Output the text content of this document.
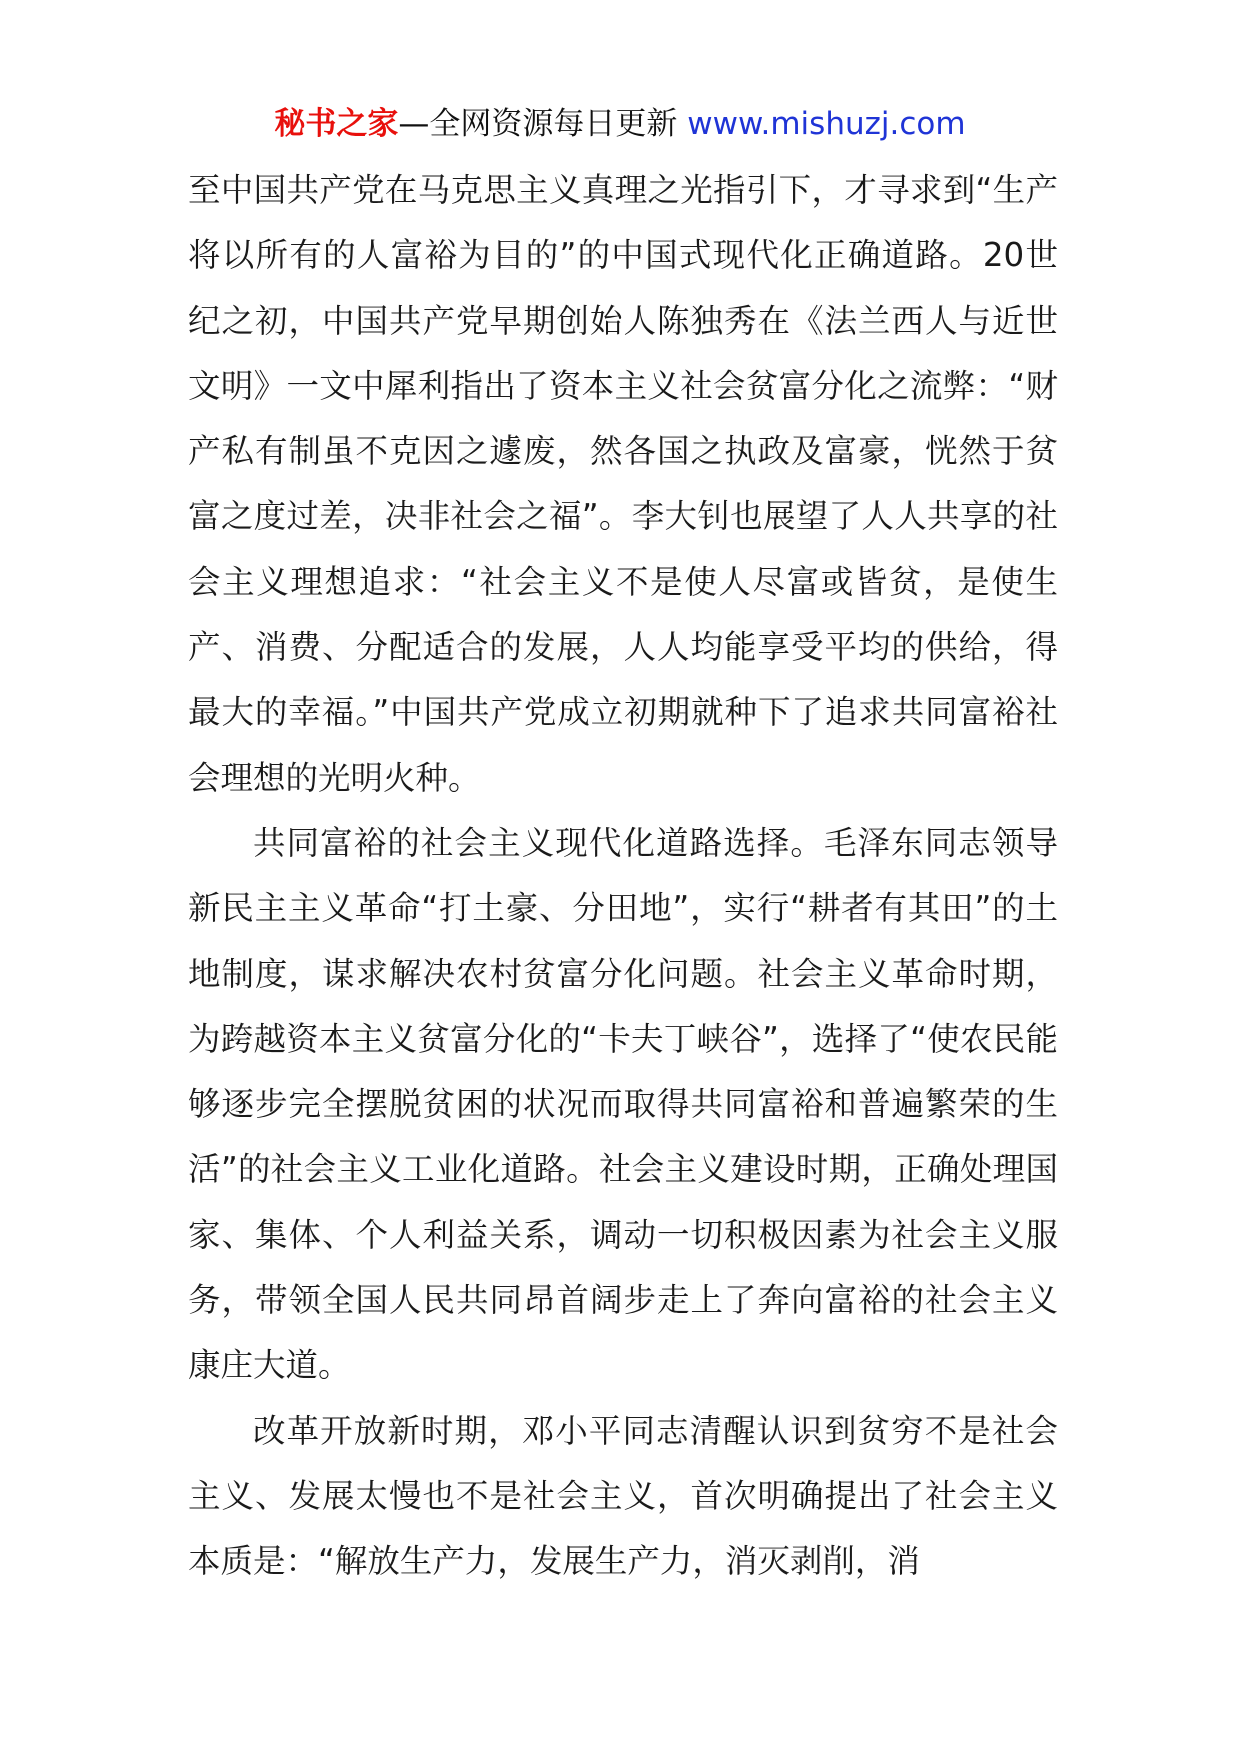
秘书之家—全网资源每日更新 www.mishuzj.com

至中国共产党在马克思主义真理之光指引下，才寻求到“生产将以所有的人富裕为目的”的中国式现代化正确道路。20世纪之初，中国共产党早期创始人陈独秀在《法兰西人与近世文明》一文中犀利指出了资本主义社会贫富分化之流弊：“财产私有制虽不克因之遽废，然各国之执政及富豪，恍然于贫富之度过差，决非社会之福”。李大钊也展望了人人共享的社会主义理想追求：“社会主义不是使人尽富或皆贫，是使生产、消费、分配适合的发展，人人均能享受平均的供给，得最大的幸福。”中国共产党成立初期就种下了追求共同富裕社会理想的光明火种。

共同富裕的社会主义现代化道路选择。毛泽东同志领导新民主主义革命“打土豪、分田地”，实行“耕者有其田”的土地制度，谋求解决农村贫富分化问题。社会主义革命时期，为跨越资本主义贫富分化的“卡夫丁峡谷”，选择了“使农民能够逐步完全摆脱贫困的状况而取得共同富裕和普遍繁荣的生活”的社会主义工业化道路。社会主义建设时期，正确处理国家、集体、个人利益关系，调动一切积极因素为社会主义服务，带领全国人民共同昂首阔步走上了奔向富裕的社会主义康庄大道。

改革开放新时期，邓小平同志清醒认识到贫穷不是社会主义、发展太慢也不是社会主义，首次明确提出了社会主义本质是：“解放生产力，发展生产力，消灭剥削，消
